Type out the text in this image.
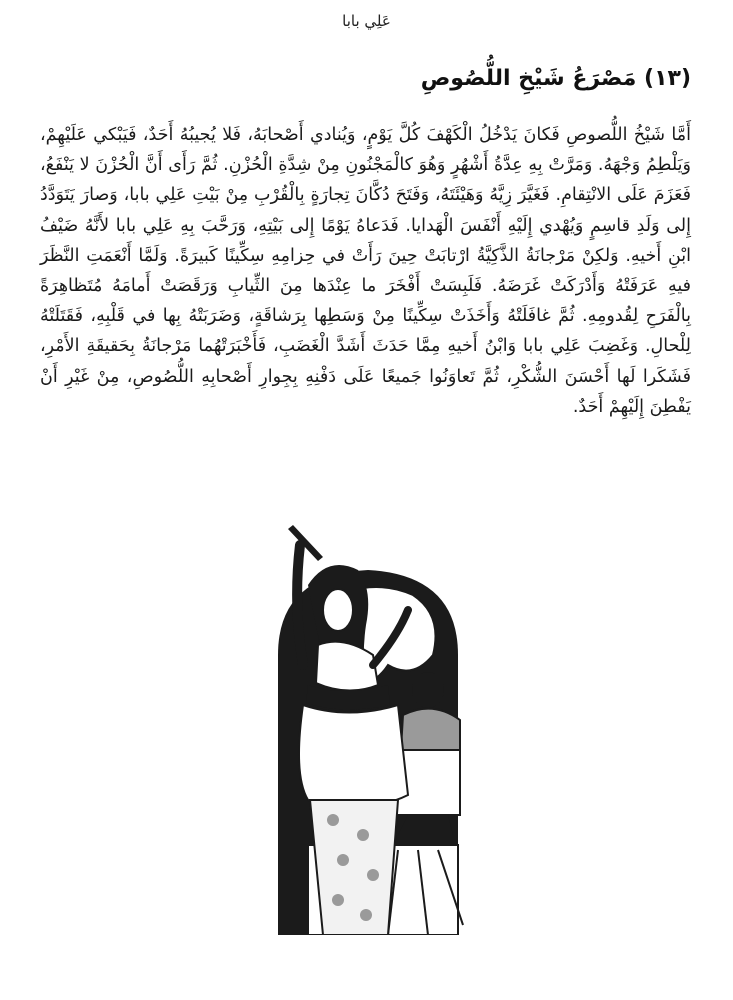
عَلِي بابا
(١٣) مَصْرَعُ شَيْخِ اللُّصُوصِ
أَمَّا شَيْخُ اللُّصوصِ فَكانَ يَدْخُلُ الْكَهْفَ كُلَّ يَوْمٍ، وَيُنادي أَصْحابَهُ، فَلا يُجيبُهُ أَحَدٌ، فَيَبْكي عَلَيْهِمْ، وَيَلْطِمُ وَجْهَهُ. وَمَرَّتْ بِهِ عِدَّةُ أَشْهُرٍ وَهُوَ كالْمَجْنُونِ مِنْ شِدَّةِ الْحُزْنِ. ثُمَّ رَأَى أَنَّ الْحُزْنَ لا يَنْفَعُ، فَعَزَمَ عَلَى الانْتِقامِ. فَغَيَّرَ زِيَّهُ وَهَيْئَتَهُ، وَفَتَحَ دُكَّانَ تِجارَةٍ بِالْقُرْبِ مِنْ بَيْتِ عَلِي بابا، وَصارَ يَتَوَدَّدُ إِلى وَلَدِ قاسِمٍ وَيُهْدي إِلَيْهِ أَنْفَسَ الْهَدايا. فَدَعاهُ يَوْمًا إِلى بَيْتِهِ، وَرَحَّبَ بِهِ عَلِي بابا لأَنَّهُ ضَيْفُ ابْنِ أَخيهِ. وَلكِنْ مَرْجانَةُ الذَّكِيَّةُ ارْتابَتْ حِينَ رَأَتْ في حِزامِهِ سِكِّينًا كَبيرَةً. وَلَمَّا أَنْعَمَتِ النَّظَرَ فيهِ عَرَفَتْهُ وَأَدْرَكَتْ غَرَضَهُ. فَلَبِسَتْ أَفْخَرَ ما عِنْدَها مِنَ الثِّيابِ وَرَقَصَتْ أَمامَهُ مُتَظاهِرَةً بِالْفَرَحِ لِقُدومِهِ. ثُمَّ غافَلَتْهُ وَأَخَذَتْ سِكِّينًا مِنْ وَسَطِها بِرَشاقَةٍ، وَضَرَبَتْهُ بِها في قَلْبِهِ، فَقَتَلَتْهُ لِلْحالِ. وَغَضِبَ عَلِي بابا وَابْنُ أَخيهِ مِمَّا حَدَثَ أَشَدَّ الْغَضَبِ، فَأَخْبَرَتْهُما مَرْجانَةُ بِحَقيقَةِ الأَمْرِ، فَشَكَرا لَها أَحْسَنَ الشُّكْرِ، ثُمَّ تَعاوَنُوا جَميعًا عَلَى دَفْنِهِ بِجِوارِ أَصْحابِهِ اللُّصُوصِ، مِنْ غَيْرِ أَنْ يَفْطِنَ إِلَيْهِمْ أَحَدٌ.
